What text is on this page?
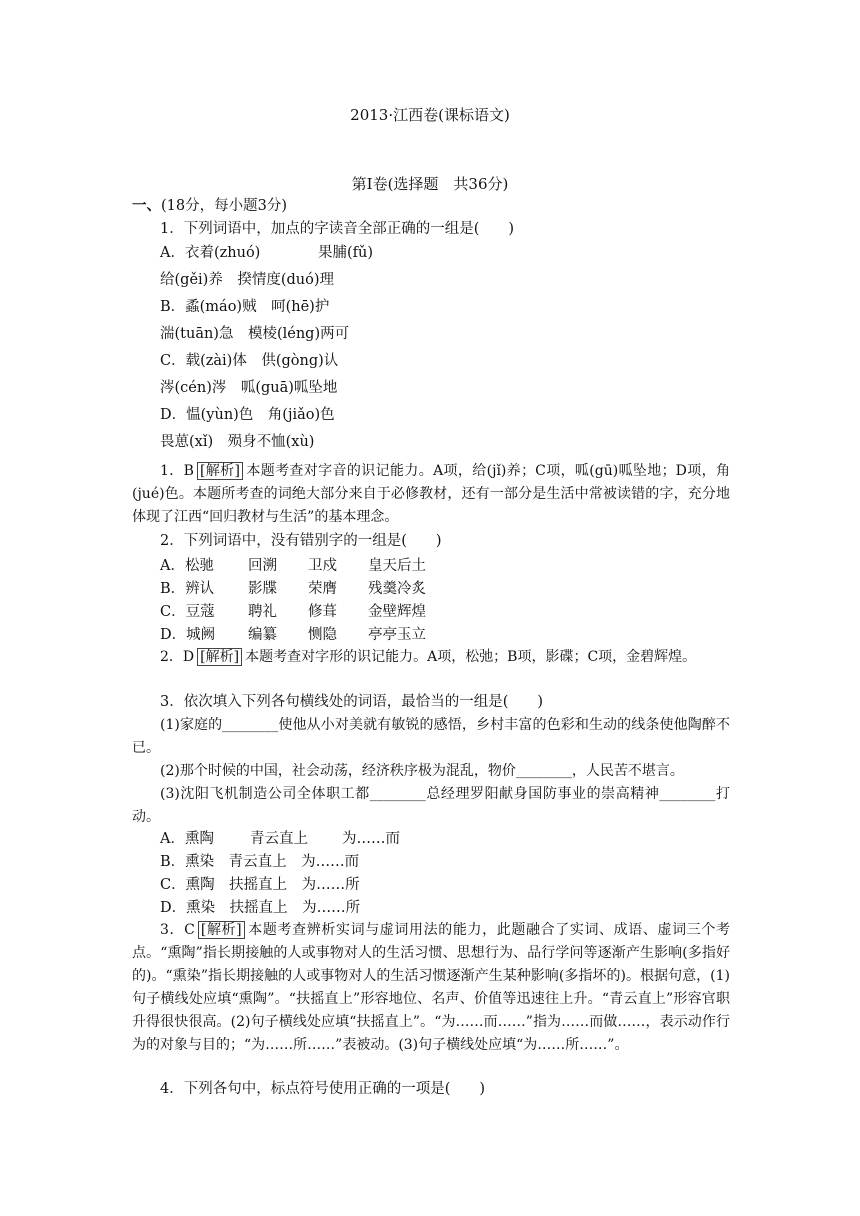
2013·江西卷(课标语文)
第Ⅰ卷(选择题　共36分)
一、(18分，每小题3分)
1．下列词语中，加点的字读音全部正确的一组是(　　)
A．衣着(zhuó)	果脯(fǔ)
给(gěi)养　揆情度(duó)理
B．蟊(máo)贼　呵(hē)护
湍(tuān)急　模棱(léng)两可
C．载(zài)体　供(gòng)认
涔(cén)涔　呱(guā)呱坠地
D．愠(yùn)色　角(jiǎo)色
畏葸(xǐ)　殒身不恤(xù)
1．B [解析] 本题考查对字音的识记能力。A项，给(jǐ)养；C项，呱(gū)呱坠地；D项，角(jué)色。本题所考查的词绝大部分来自于必修教材，还有一部分是生活中常被读错的字，充分地体现了江西“回归教材与生活”的基本理念。
2．下列词语中，没有错别字的一组是(　　)
A．松驰 回溯 卫戍 皇天后土
B．辨认 影牒 荣膺 残羹冷炙
C．豆蔻 聘礼 修葺 金壁辉煌
D．城阙 编纂 恻隐 亭亭玉立
2．D [解析] 本题考查对字形的识记能力。A项，松弛；B项，影碟；C项，金碧辉煌。
3．依次填入下列各句横线处的词语，最恰当的一组是(　　)
(1)家庭的________使他从小对美就有敏锐的感悟，乡村丰富的色彩和生动的线条使他陶醉不已。
(2)那个时候的中国，社会动荡，经济秩序极为混乱，物价________，人民苦不堪言。
(3)沈阳飞机制造公司全体职工都________总经理罗阳献身国防事业的崇高精神________打动。
A．熏陶 青云直上 为……而
B．熏染　青云直上　为……而
C．熏陶　扶摇直上　为……所
D．熏染　扶摇直上　为……所
3．C [解析] 本题考查辨析实词与虚词用法的能力，此题融合了实词、成语、虚词三个考点。“熏陶”指长期接触的人或事物对人的生活习惯、思想行为、品行学问等逐渐产生影响(多指好的)。“熏染”指长期接触的人或事物对人的生活习惯逐渐产生某种影响(多指坏的)。根据句意，(1)句子横线处应填“熏陶”。“扶摇直上”形容地位、名声、价值等迅速往上升。“青云直上”形容官职升得很快很高。(2)句子横线处应填“扶摇直上”。“为……而……”指为……而做……，表示动作行为的对象与目的；“为……所……”表被动。(3)句子横线处应填“为……所……”。
4．下列各句中，标点符号使用正确的一项是(　　)
